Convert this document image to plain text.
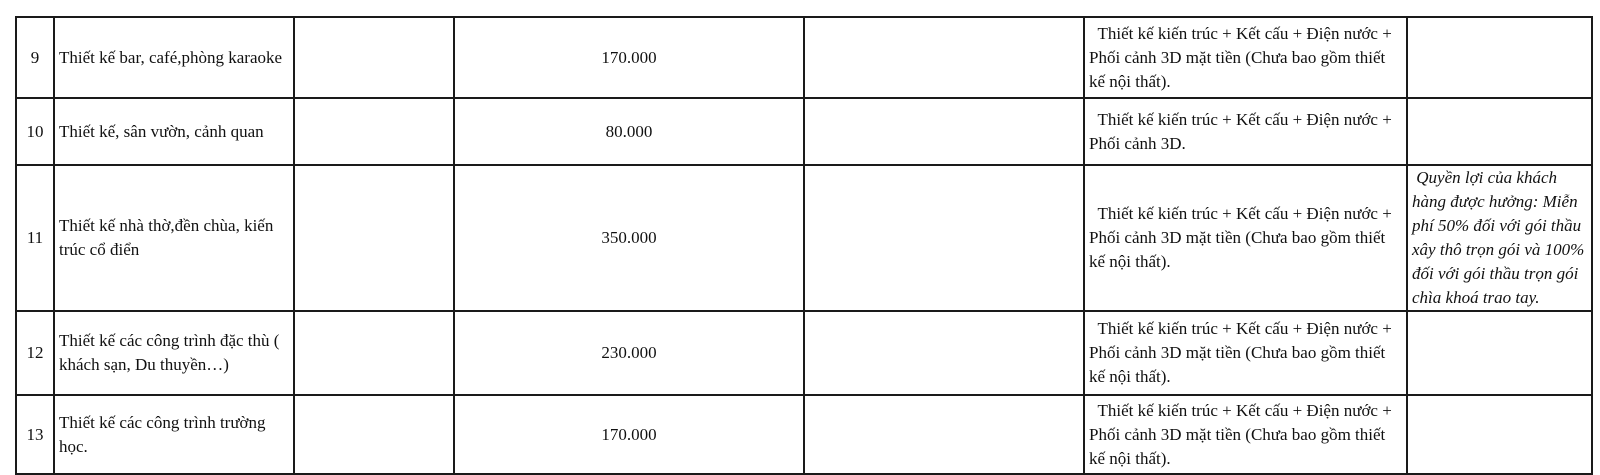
9	Thiết kế bar, café,phòng karaoke		170.000		Thiết kế kiến trúc + Kết cấu + Điện nước + Phối cảnh 3D mặt tiền (Chưa bao gồm thiết kế nội thất).	
10	Thiết kế, sân vườn, cảnh quan		80.000		Thiết kế kiến trúc + Kết cấu + Điện nước + Phối cảnh 3D.	
11	Thiết kế nhà thờ,đền chùa, kiến trúc cổ điển		350.000		Thiết kế kiến trúc + Kết cấu + Điện nước + Phối cảnh 3D mặt tiền (Chưa bao gồm thiết kế nội thất).	Quyền lợi của khách hàng được hưởng: Miễn phí 50% đối với gói thầu xây thô trọn gói và 100% đối với gói thầu trọn gói chìa khoá trao tay.
12	Thiết kế các công trình đặc thù ( khách sạn, Du thuyền…)		230.000		Thiết kế kiến trúc + Kết cấu + Điện nước + Phối cảnh 3D mặt tiền (Chưa bao gồm thiết kế nội thất).	
13	Thiết kế các công trình trường học.		170.000		Thiết kế kiến trúc + Kết cấu + Điện nước + Phối cảnh 3D mặt tiền (Chưa bao gồm thiết kế nội thất).	
